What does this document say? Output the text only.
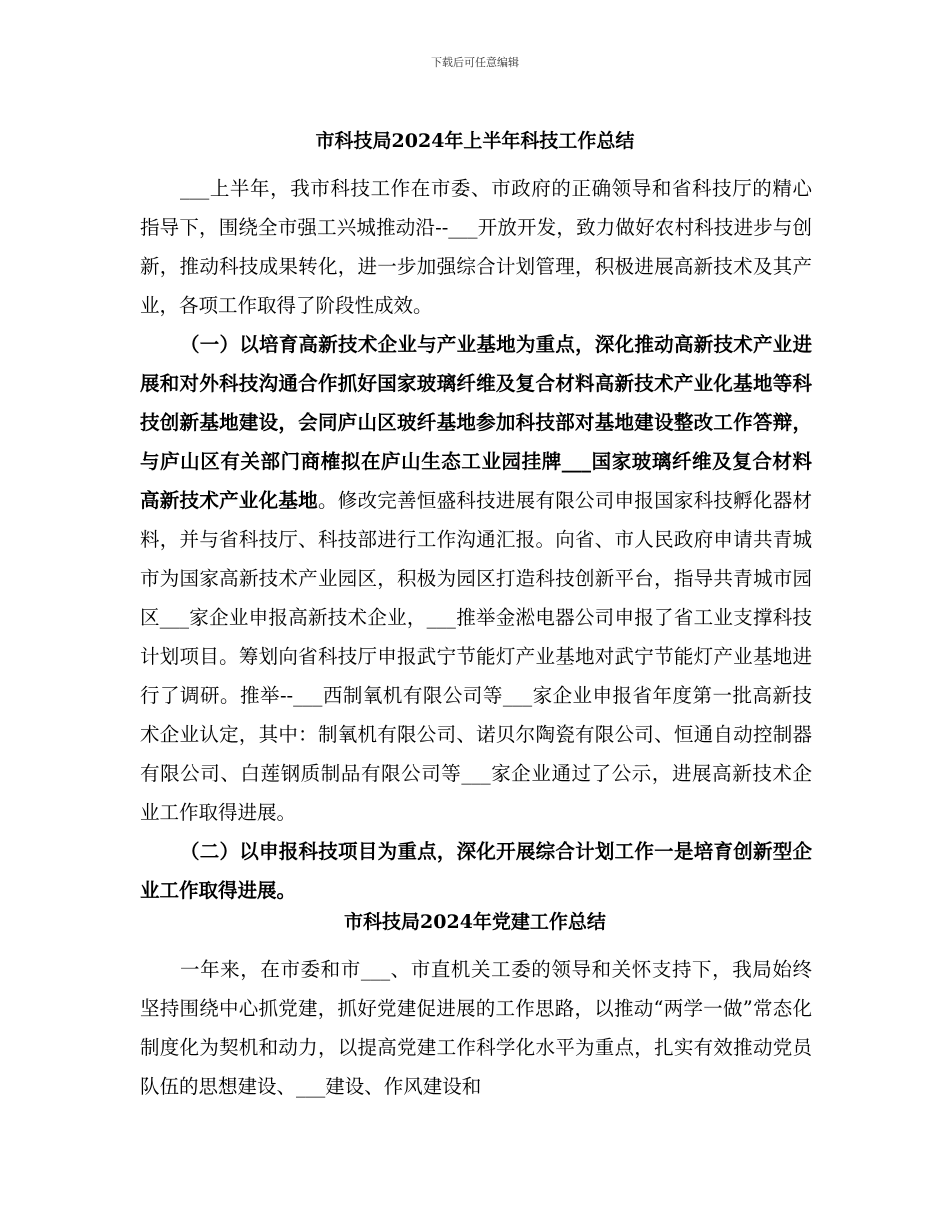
下载后可任意编辑
市科技局2024年上半年科技工作总结

___上半年，我市科技工作在市委、市政府的正确领导和省科技厅的精心指导下，围绕全市强工兴城推动沿--___开放开发，致力做好农村科技进步与创新，推动科技成果转化，进一步加强综合计划管理，积极进展高新技术及其产业，各项工作取得了阶段性成效。

（一）以培育高新技术企业与产业基地为重点，深化推动高新技术产业进展和对外科技沟通合作抓好国家玻璃纤维及复合材料高新技术产业化基地等科技创新基地建设，会同庐山区玻纤基地参加科技部对基地建设整改工作答辩，与庐山区有关部门商榷拟在庐山生态工业园挂牌___国家玻璃纤维及复合材料高新技术产业化基地。修改完善恒盛科技进展有限公司申报国家科技孵化器材料，并与省科技厅、科技部进行工作沟通汇报。向省、市人民政府申请共青城市为国家高新技术产业园区，积极为园区打造科技创新平台，指导共青城市园区___家企业申报高新技术企业，___推举金淞电器公司申报了省工业支撑科技计划项目。筹划向省科技厅申报武宁节能灯产业基地对武宁节能灯产业基地进行了调研。推举--___西制氧机有限公司等___家企业申报省年度第一批高新技术企业认定，其中：制氧机有限公司、诺贝尔陶瓷有限公司、恒通自动控制器有限公司、白莲钢质制品有限公司等___家企业通过了公示，进展高新技术企业工作取得进展。

（二）以申报科技项目为重点，深化开展综合计划工作一是培育创新型企业工作取得进展。

市科技局2024年党建工作总结

一年来，在市委和市___、市直机关工委的领导和关怀支持下，我局始终坚持围绕中心抓党建，抓好党建促进展的工作思路，以推动“两学一做”常态化制度化为契机和动力，以提高党建工作科学化水平为重点，扎实有效推动党员队伍的思想建设、___建设、作风建设和
